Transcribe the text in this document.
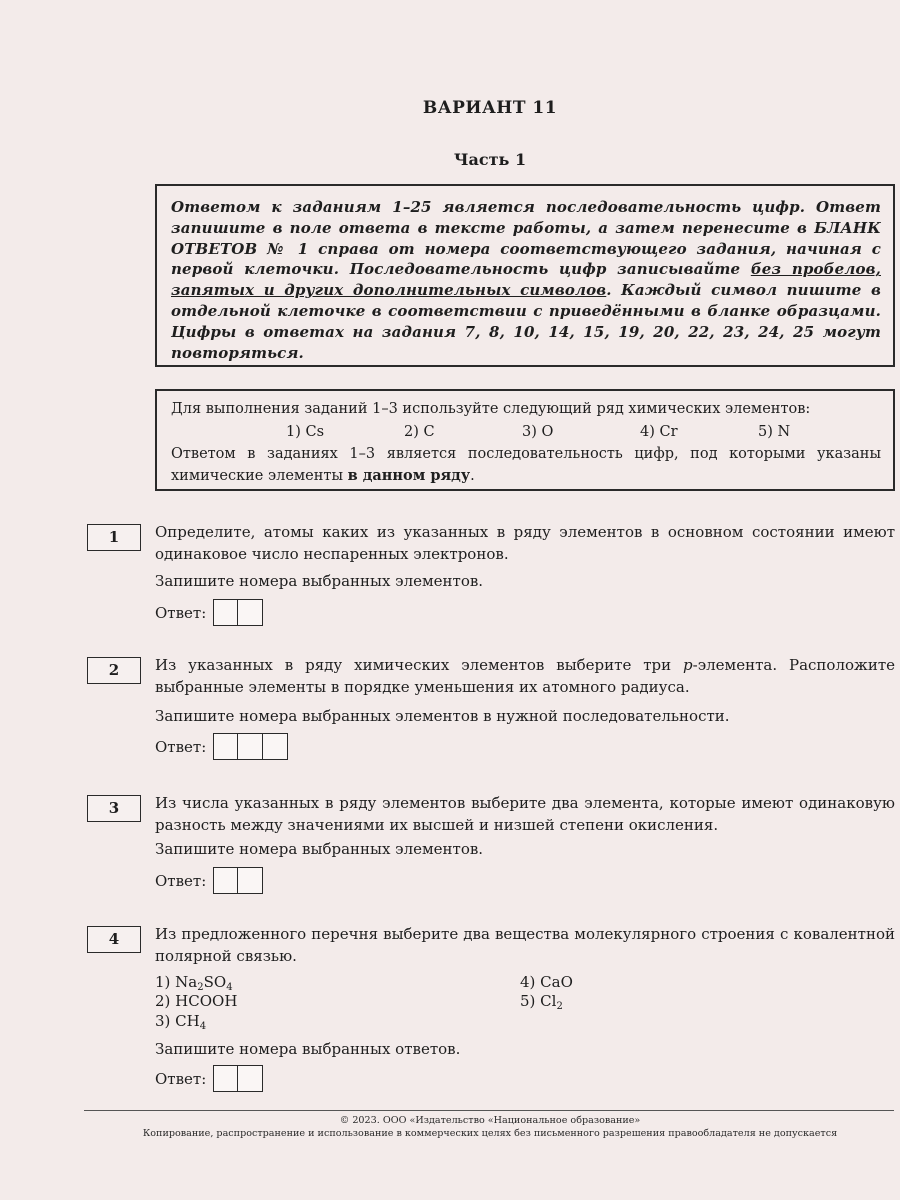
ВАРИАНТ 11
Часть 1
Ответом к заданиям 1–25 является последовательность цифр. Ответ запишите в поле ответа в тексте работы, а затем перенесите в БЛАНК ОТВЕТОВ № 1 справа от номера соответствующего задания, начиная с первой клеточки. Последовательность цифр записывайте без пробелов, запятых и других дополнительных символов. Каждый символ пишите в отдельной клеточке в соответствии с приведёнными в бланке образцами. Цифры в ответах на задания 7, 8, 10, 14, 15, 19, 20, 22, 23, 24, 25 могут повторяться.
Для выполнения заданий 1–3 используйте следующий ряд химических элементов:
1) Cs	2) C	3) O	4) Cr	5) N
Ответом в заданиях 1–3 является последовательность цифр, под которыми указаны химические элементы в данном ряду.
1	Определите, атомы каких из указанных в ряду элементов в основном состоянии имеют одинаковое число неспаренных электронов.
Запишите номера выбранных элементов.
Ответ:
2	Из указанных в ряду химических элементов выберите три p-элемента. Расположите выбранные элементы в порядке уменьшения их атомного радиуса.
Запишите номера выбранных элементов в нужной последовательности.
Ответ:
3	Из числа указанных в ряду элементов выберите два элемента, которые имеют одинаковую разность между значениями их высшей и низшей степени окисления.
Запишите номера выбранных элементов.
Ответ:
4	Из предложенного перечня выберите два вещества молекулярного строения с ковалентной полярной связью.
1) $Na_2SO_4$
2) HCOOH
3) $CH_4$
4) CaO
5) $Cl_2$
Запишите номера выбранных ответов.
Ответ:
© 2023. ООО «Издательство «Национальное образование»
Копирование, распространение и использование в коммерческих целях без письменного разрешения правообладателя не допускается
